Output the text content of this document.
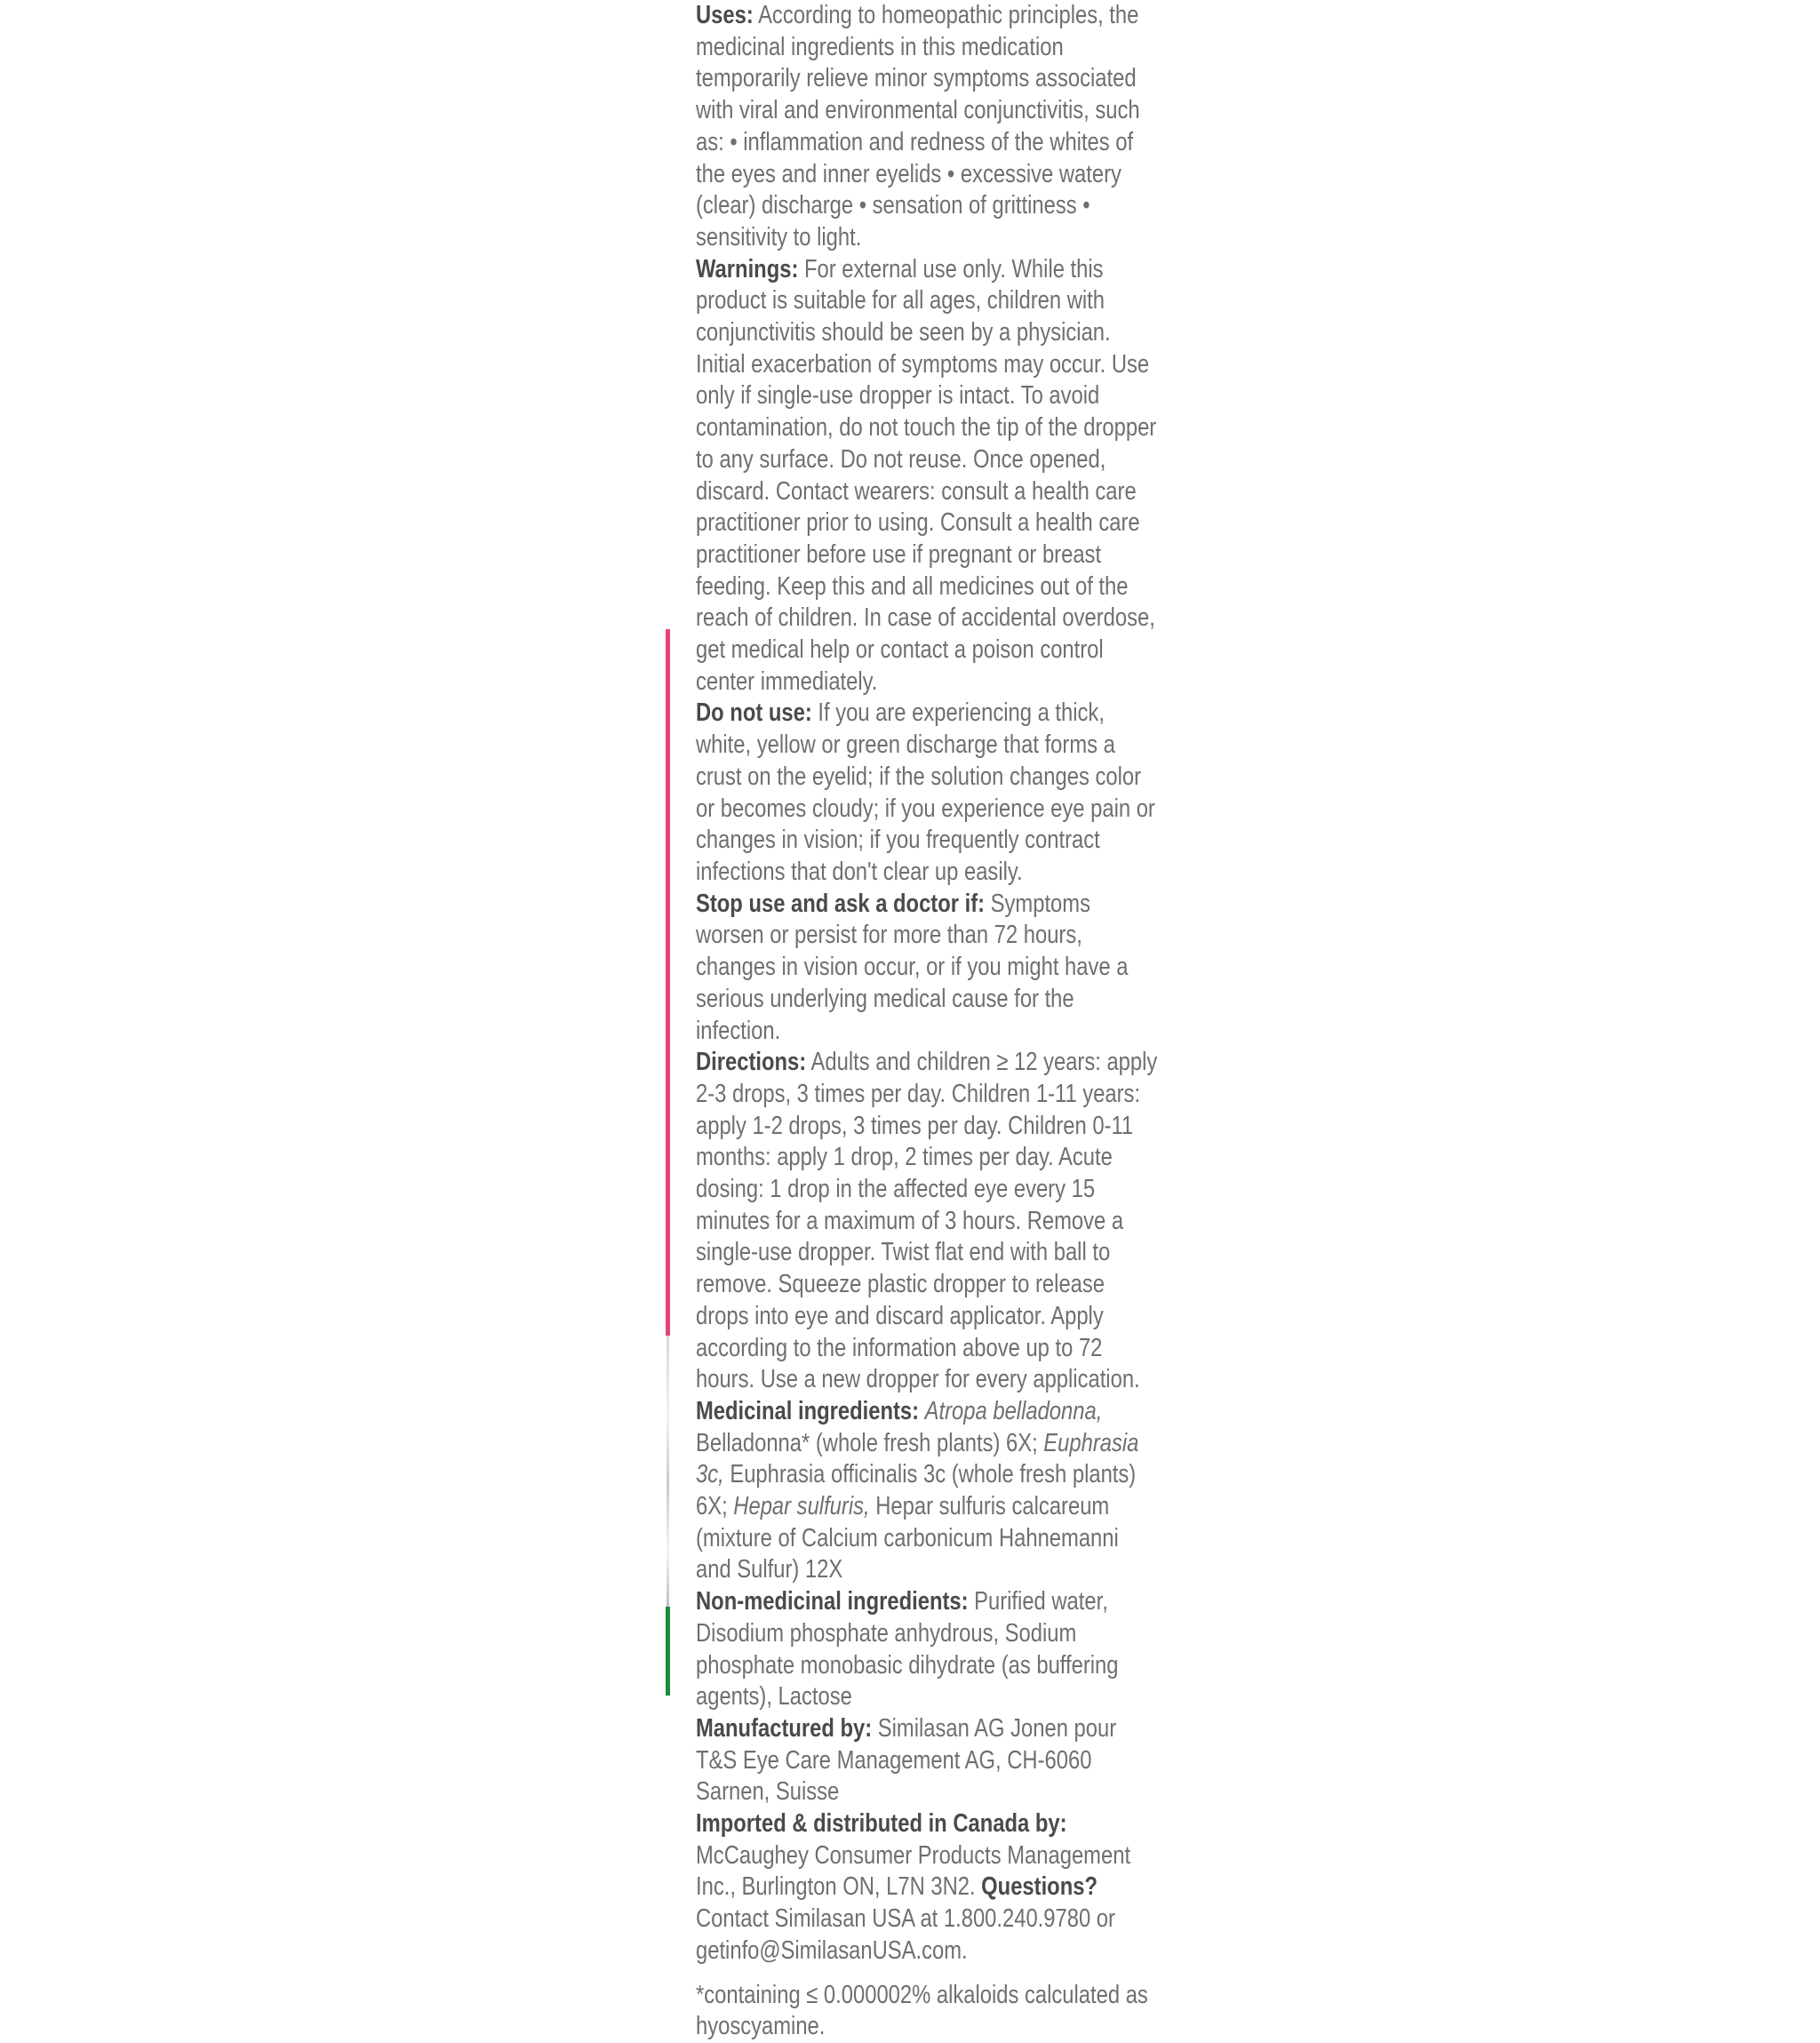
Uses: According to homeopathic principles, the medicinal ingredients in this medication temporarily relieve minor symptoms associated with viral and environmental conjunctivitis, such as: • inflammation and redness of the whites of the eyes and inner eyelids • excessive watery (clear) discharge • sensation of grittiness • sensitivity to light.

Warnings: For external use only. While this product is suitable for all ages, children with conjunctivitis should be seen by a physician. Initial exacerbation of symptoms may occur. Use only if single-use dropper is intact. To avoid contamination, do not touch the tip of the dropper to any surface. Do not reuse. Once opened, discard. Contact wearers: consult a health care practitioner prior to using. Consult a health care practitioner before use if pregnant or breast feeding. Keep this and all medicines out of the reach of children. In case of accidental overdose, get medical help or contact a poison control center immediately.

Do not use: If you are experiencing a thick, white, yellow or green discharge that forms a crust on the eyelid; if the solution changes color or becomes cloudy; if you experience eye pain or changes in vision; if you frequently contract infections that don't clear up easily.

Stop use and ask a doctor if: Symptoms worsen or persist for more than 72 hours, changes in vision occur, or if you might have a serious underlying medical cause for the infection.

Directions: Adults and children ≥ 12 years: apply 2-3 drops, 3 times per day. Children 1-11 years: apply 1-2 drops, 3 times per day. Children 0-11 months: apply 1 drop, 2 times per day. Acute dosing: 1 drop in the affected eye every 15 minutes for a maximum of 3 hours. Remove a single-use dropper. Twist flat end with ball to remove. Squeeze plastic dropper to release drops into eye and discard applicator. Apply according to the information above up to 72 hours. Use a new dropper for every application.

Medicinal ingredients: Atropa belladonna, Belladonna* (whole fresh plants) 6X; Euphrasia 3c, Euphrasia officinalis 3c (whole fresh plants) 6X; Hepar sulfuris, Hepar sulfuris calcareum (mixture of Calcium carbonicum Hahnemanni and Sulfur) 12X

Non-medicinal ingredients: Purified water, Disodium phosphate anhydrous, Sodium phosphate monobasic dihydrate (as buffering agents), Lactose

Manufactured by: Similasan AG Jonen pour T&S Eye Care Management AG, CH-6060 Sarnen, Suisse

Imported & distributed in Canada by: McCaughey Consumer Products Management Inc., Burlington ON, L7N 3N2. Questions? Contact Similasan USA at 1.800.240.9780 or getinfo@SimilasanUSA.com.

*containing ≤ 0.000002% alkaloids calculated as hyoscyamine.
